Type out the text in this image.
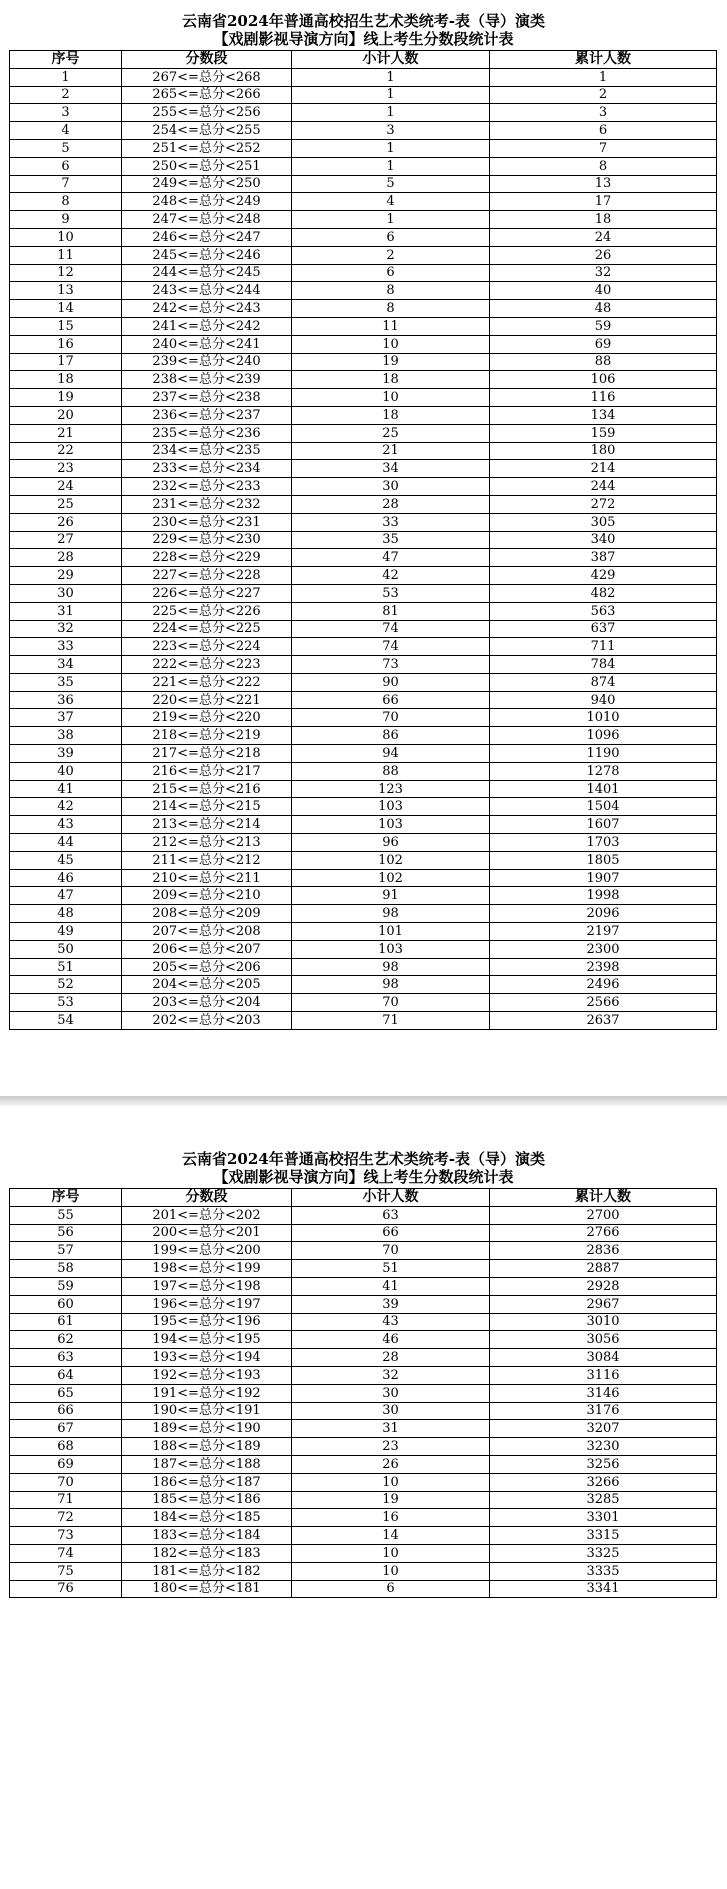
云南省2024年普通高校招生艺术类统考-表（导）演类
【戏剧影视导演方向】线上考生分数段统计表
序号	分数段	小计人数	累计人数
1	267<=总分<268	1	1
2	265<=总分<266	1	2
3	255<=总分<256	1	3
4	254<=总分<255	3	6
5	251<=总分<252	1	7
6	250<=总分<251	1	8
7	249<=总分<250	5	13
8	248<=总分<249	4	17
9	247<=总分<248	1	18
10	246<=总分<247	6	24
11	245<=总分<246	2	26
12	244<=总分<245	6	32
13	243<=总分<244	8	40
14	242<=总分<243	8	48
15	241<=总分<242	11	59
16	240<=总分<241	10	69
17	239<=总分<240	19	88
18	238<=总分<239	18	106
19	237<=总分<238	10	116
20	236<=总分<237	18	134
21	235<=总分<236	25	159
22	234<=总分<235	21	180
23	233<=总分<234	34	214
24	232<=总分<233	30	244
25	231<=总分<232	28	272
26	230<=总分<231	33	305
27	229<=总分<230	35	340
28	228<=总分<229	47	387
29	227<=总分<228	42	429
30	226<=总分<227	53	482
31	225<=总分<226	81	563
32	224<=总分<225	74	637
33	223<=总分<224	74	711
34	222<=总分<223	73	784
35	221<=总分<222	90	874
36	220<=总分<221	66	940
37	219<=总分<220	70	1010
38	218<=总分<219	86	1096
39	217<=总分<218	94	1190
40	216<=总分<217	88	1278
41	215<=总分<216	123	1401
42	214<=总分<215	103	1504
43	213<=总分<214	103	1607
44	212<=总分<213	96	1703
45	211<=总分<212	102	1805
46	210<=总分<211	102	1907
47	209<=总分<210	91	1998
48	208<=总分<209	98	2096
49	207<=总分<208	101	2197
50	206<=总分<207	103	2300
51	205<=总分<206	98	2398
52	204<=总分<205	98	2496
53	203<=总分<204	70	2566
54	202<=总分<203	71	2637
云南省2024年普通高校招生艺术类统考-表（导）演类
【戏剧影视导演方向】线上考生分数段统计表
序号	分数段	小计人数	累计人数
55	201<=总分<202	63	2700
56	200<=总分<201	66	2766
57	199<=总分<200	70	2836
58	198<=总分<199	51	2887
59	197<=总分<198	41	2928
60	196<=总分<197	39	2967
61	195<=总分<196	43	3010
62	194<=总分<195	46	3056
63	193<=总分<194	28	3084
64	192<=总分<193	32	3116
65	191<=总分<192	30	3146
66	190<=总分<191	30	3176
67	189<=总分<190	31	3207
68	188<=总分<189	23	3230
69	187<=总分<188	26	3256
70	186<=总分<187	10	3266
71	185<=总分<186	19	3285
72	184<=总分<185	16	3301
73	183<=总分<184	14	3315
74	182<=总分<183	10	3325
75	181<=总分<182	10	3335
76	180<=总分<181	6	3341
